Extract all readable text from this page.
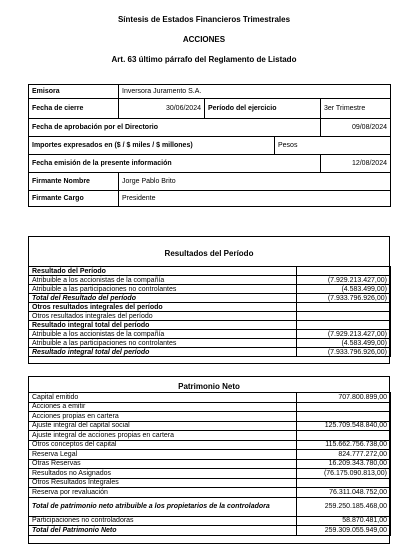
Síntesis de Estados Financieros Trimestrales
ACCIONES
Art. 63 último párrafo del Reglamento de Listado
Emisora	Inversora Juramento S.A.			
Fecha de cierre	30/06/2024	Período del ejercicio		3er Trimestre
Fecha de aprobación por el Directorio				09/08/2024
Importes expresados en ($ / $ miles / $ millones)			Pesos	
Fecha emisión de la presente información				12/08/2024
Firmante Nombre	Jorge Pablo Brito			
Firmante Cargo	Presidente			
Resultados del Período
Resultado del Período	
Atribuible a los accionistas de la compañía	(7.929.213.427,00)
Atribuible a las participaciones no controlantes	(4.583.499,00)
Total del Resultado del período	(7.933.796.926,00)
Otros resultados integrales del período	
Otros resultados integrales del período	
Resultado integral total del período	
Atribuible a los accionistas de la compañía	(7.929.213.427,00)
Atribuible a las participaciones no controlantes	(4.583.499,00)
Resultado integral total del período	(7.933.796.926,00)
Patrimonio Neto
Capital emitido	707.800.899,00
Acciones a emitir	
Acciones propias en cartera	
Ajuste integral del capital social	125.709.548.840,00
Ajuste integral de acciones propias en cartera	
Otros conceptos del capital	115.662.756.738,00
Reserva Legal	824.777.272,00
Otras Reservas	16.209.343.780,00
Resultados no Asignados	(76.175.090.813,00)
Otros Resultados Integrales	
Reserva por revaluación	76.311.048.752,00
Total de patrimonio neto atribuible a los propietarios de la controladora	259.250.185.468,00
Participaciones no controladoras	58.870.481,00
Total del Patrimonio Neto	259.309.055.949,00
